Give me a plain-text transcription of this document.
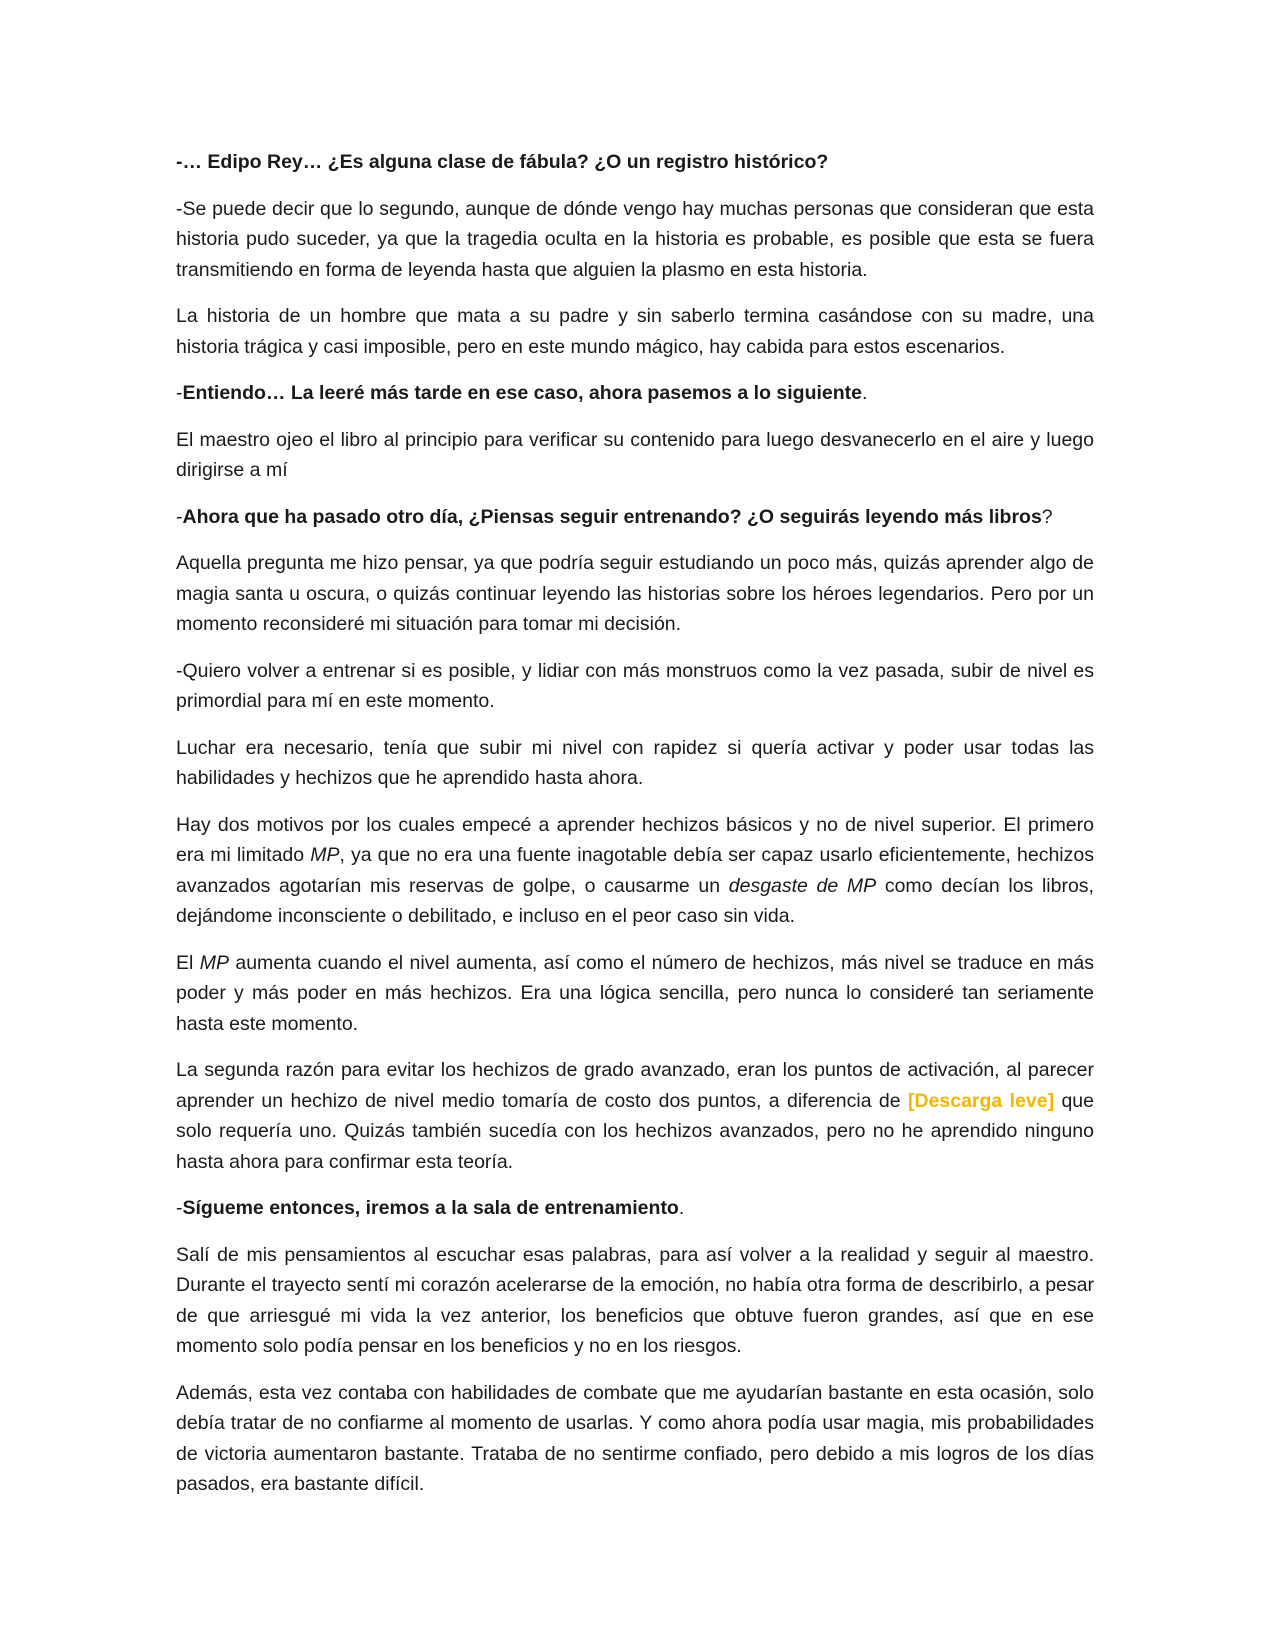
-… Edipo Rey… ¿Es alguna clase de fábula? ¿O un registro histórico?

-Se puede decir que lo segundo, aunque de dónde vengo hay muchas personas que consideran que esta historia pudo suceder, ya que la tragedia oculta en la historia es probable, es posible que esta se fuera transmitiendo en forma de leyenda hasta que alguien la plasmo en esta historia.

La historia de un hombre que mata a su padre y sin saberlo termina casándose con su madre, una historia trágica y casi imposible, pero en este mundo mágico, hay cabida para estos escenarios.

-Entiendo… La leeré más tarde en ese caso, ahora pasemos a lo siguiente.

El maestro ojeo el libro al principio para verificar su contenido para luego desvanecerlo en el aire y luego dirigirse a mí

-Ahora que ha pasado otro día, ¿Piensas seguir entrenando? ¿O seguirás leyendo más libros?

Aquella pregunta me hizo pensar, ya que podría seguir estudiando un poco más, quizás aprender algo de magia santa u oscura, o quizás continuar leyendo las historias sobre los héroes legendarios. Pero por un momento reconsideré mi situación para tomar mi decisión.

-Quiero volver a entrenar si es posible, y lidiar con más monstruos como la vez pasada, subir de nivel es primordial para mí en este momento.

Luchar era necesario, tenía que subir mi nivel con rapidez si quería activar y poder usar todas las habilidades y hechizos que he aprendido hasta ahora.

Hay dos motivos por los cuales empecé a aprender hechizos básicos y no de nivel superior. El primero era mi limitado MP, ya que no era una fuente inagotable debía ser capaz usarlo eficientemente, hechizos avanzados agotarían mis reservas de golpe, o causarme un desgaste de MP como decían los libros, dejándome inconsciente o debilitado, e incluso en el peor caso sin vida.

El MP aumenta cuando el nivel aumenta, así como el número de hechizos, más nivel se traduce en más poder y más poder en más hechizos. Era una lógica sencilla, pero nunca lo consideré tan seriamente hasta este momento.

La segunda razón para evitar los hechizos de grado avanzado, eran los puntos de activación, al parecer aprender un hechizo de nivel medio tomaría de costo dos puntos, a diferencia de [Descarga leve] que solo requería uno. Quizás también sucedía con los hechizos avanzados, pero no he aprendido ninguno hasta ahora para confirmar esta teoría.

-Sígueme entonces, iremos a la sala de entrenamiento.

Salí de mis pensamientos al escuchar esas palabras, para así volver a la realidad y seguir al maestro. Durante el trayecto sentí mi corazón acelerarse de la emoción, no había otra forma de describirlo, a pesar de que arriesgué mi vida la vez anterior, los beneficios que obtuve fueron grandes, así que en ese momento solo podía pensar en los beneficios y no en los riesgos.

Además, esta vez contaba con habilidades de combate que me ayudarían bastante en esta ocasión, solo debía tratar de no confiarme al momento de usarlas. Y como ahora podía usar magia, mis probabilidades de victoria aumentaron bastante. Trataba de no sentirme confiado, pero debido a mis logros de los días pasados, era bastante difícil.
